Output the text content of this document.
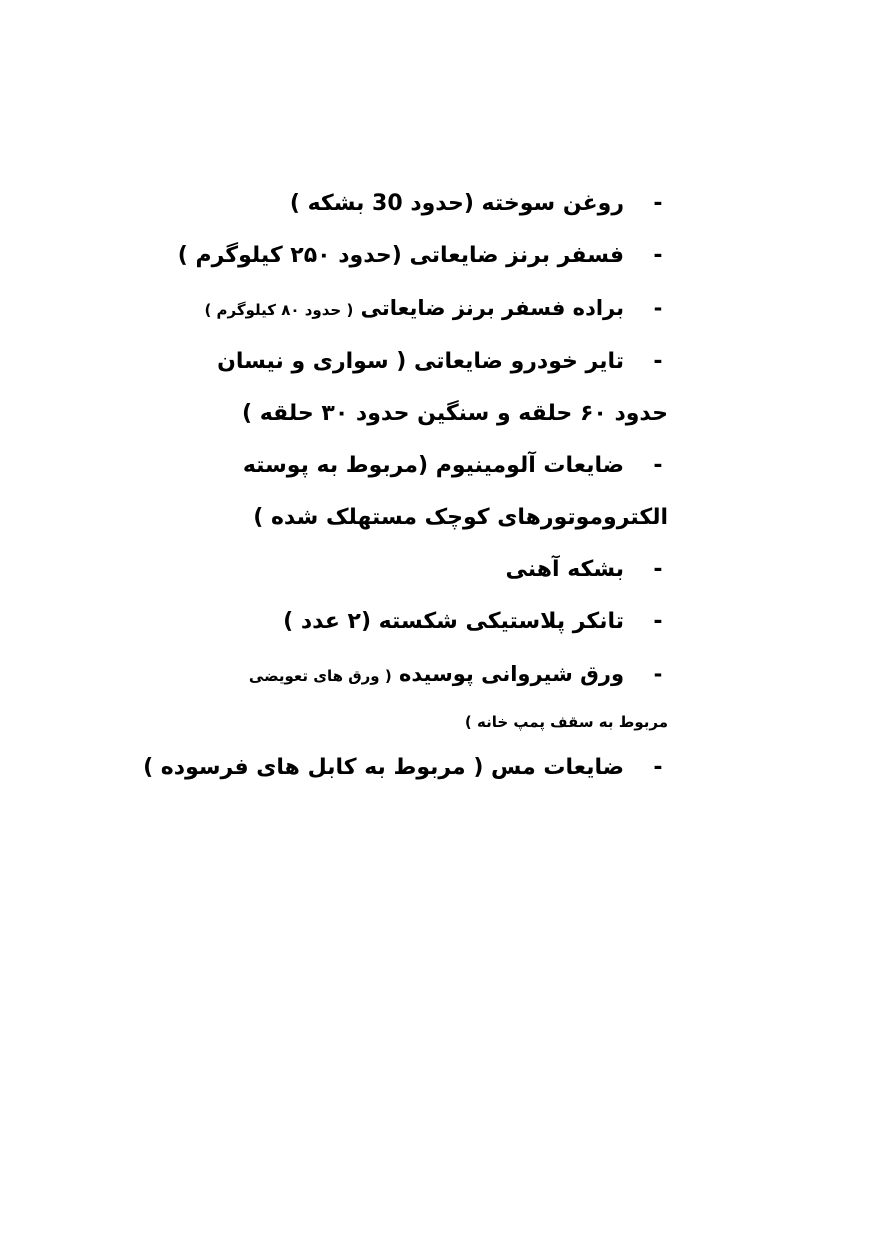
-
روغن سوخته (حدود 30 بشکه )
-
فسفر برنز ضایعاتی (حدود ۲۵۰ کیلوگرم )
-
براده فسفر برنز ضایعاتی ( حدود ۸۰ کیلوگرم )
-
تایر خودرو ضایعاتی ( سواری و نیسان
حدود ۶۰ حلقه و سنگین حدود ۳۰ حلقه )
-
ضایعات آلومینیوم (مربوط به پوسته
الکتروموتورهای کوچک مستهلک شده )
-
بشکه آهنی
-
تانکر پلاستیکی شکسته (۲ عدد )
-
ورق شیروانی پوسیده ( ورق های تعویضی
مربوط به سقف پمپ خانه )
-
ضایعات مس ( مربوط به کابل های فرسوده )
